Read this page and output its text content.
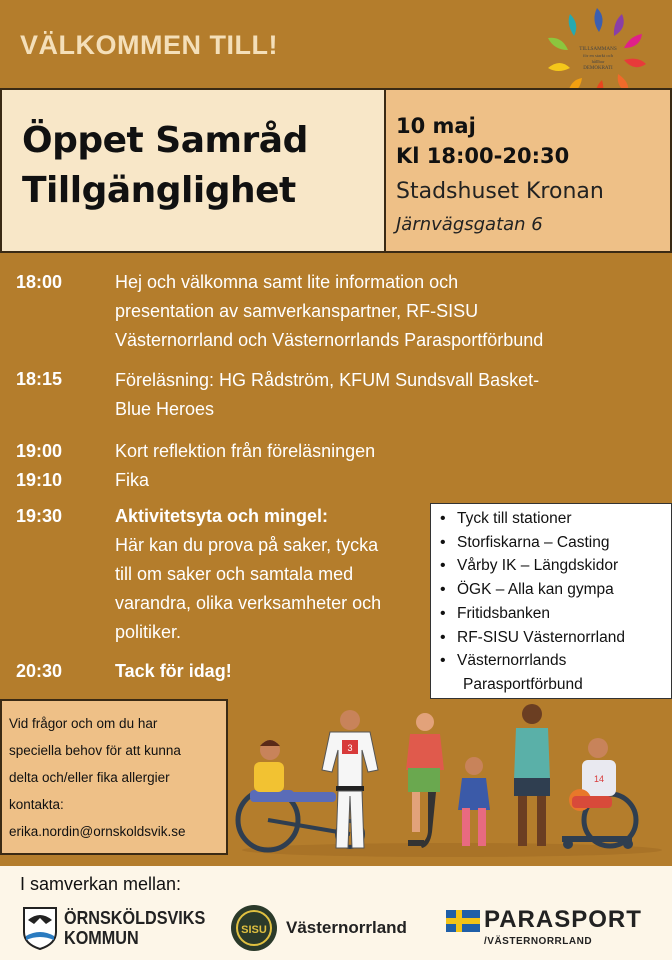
VÄLKOMMEN TILL!	TILLSAMMANS
för en starkt och
hållbar
DEMOKRATI
Öppet Samråd
Tillgänglighet
10 maj
Kl 18:00-20:30
Stadshuset Kronan
Järnvägsgatan 6
18:00	Hej och välkomna samt lite information och
presentation av samverkanspartner, RF-SISU
Västernorrland och Västernorrlands Parasportförbund
18:15	Föreläsning: HG Rådström, KFUM Sundsvall Basket-
Blue Heroes
19:00	Kort reflektion från föreläsningen
19:10	Fika
19:30	Aktivitetsyta och mingel:
Här kan du prova på saker, tycka
till om saker och samtala med
varandra, olika verksamheter och
politiker.
20:30	Tack för idag!
• Tyck till stationer
• Storfiskarna – Casting
• Vårby IK – Längdskidor
• ÖGK – Alla kan gympa
• Fritidsbanken
• RF-SISU Västernorrland
• Västernorrlands
Parasportförbund
Vid frågor och om du har
speciella behov för att kunna
delta och/eller fika allergier
kontakta:
erika.nordin@ornskoldsvik.se
3
14
I samverkan mellan:
ÖRNSKÖLDSVIKS
KOMMUN	SISU Västernorrland	PARASPORT
/VÄSTERNORRLAND
